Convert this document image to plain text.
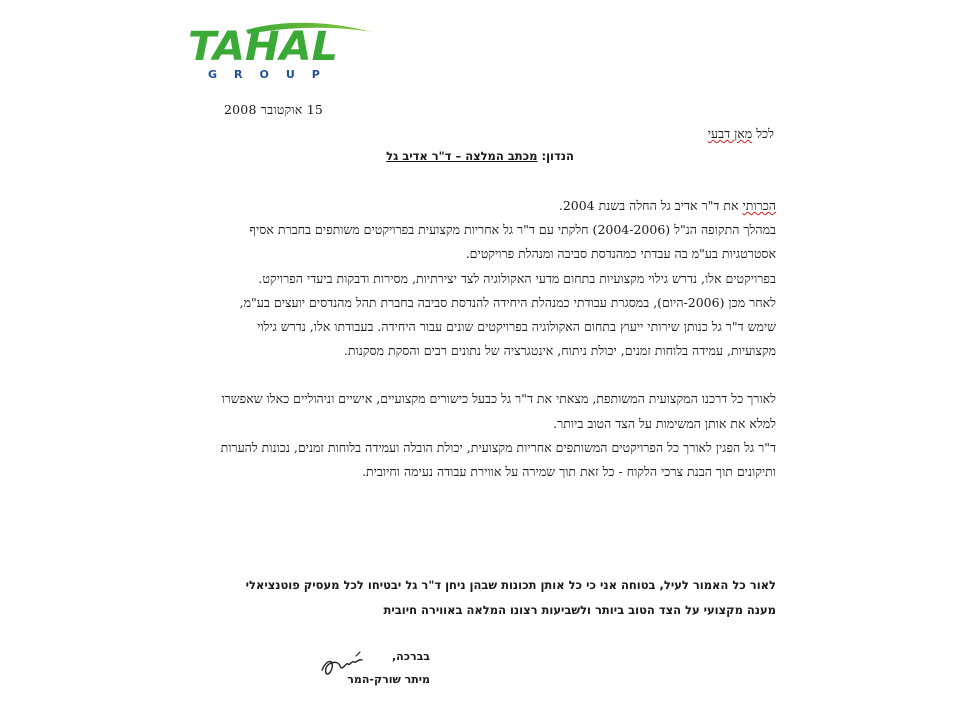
TAHAL
GROUP
15 אוקטובר 2008
לכל מאן דבעי
הנדון: מכתב המלצה – ד"ר אדיב גל

הכרותי את ד"ר אדיב גל החלה בשנת 2004.

במהלך התקופה הנ"ל (2004-2006) חלקתי עם ד"ר גל אחריות מקצועית בפרויקטים משותפים בחברת אסיף אסטרטגיות בע"מ בה עבדתי כמהנדסת סביבה ומנהלת פרויקטים.

בפרויקטים אלו, נדרש גילוי מקצועיות בתחום מדעי האקולוגיה לצד יצירתיות, מסירות ודבקות ביעדי הפרויקט.

לאחר מכן (2006-היום), במסגרת עבודתי כמנהלת היחידה להנדסת סביבה בחברת תהל מהנדסים יועצים בע"מ, שימש ד"ר גל כנותן שירותי ייעוץ בתחום האקולוגיה בפרויקטים שונים עבור היחידה. בעבודתו אלו, נדרש גילוי מקצועיות, עמידה בלוחות זמנים, יכולת ניתוח, אינטגרציה של נתונים רבים והסקת מסקנות.

לאורך כל דרכנו המקצועית המשותפת, מצאתי את ד"ר גל כבעל כישורים מקצועיים, אישיים וניהוליים כאלו שאפשרו למלא את אותן המשימות על הצד הטוב ביותר.

ד"ר גל הפגין לאורך כל הפרויקטים המשותפים אחריות מקצועית, יכולת הובלה ועמידה בלוחות זמנים, נכונות להערות ותיקונים תוך הבנת צרכי הלקוח - כל זאת תוך שמירה על אווירת עבודה נעימה וחיובית.

לאור כל האמור לעיל, בטוחה אני כי כל אותן תכונות שבהן ניחן ד"ר גל יבטיחו לכל מעסיק פוטנציאלי מענה מקצועי על הצד הטוב ביותר ולשביעות רצונו המלאה באווירה חיובית

בברכה,
מיתר שורק-המר
